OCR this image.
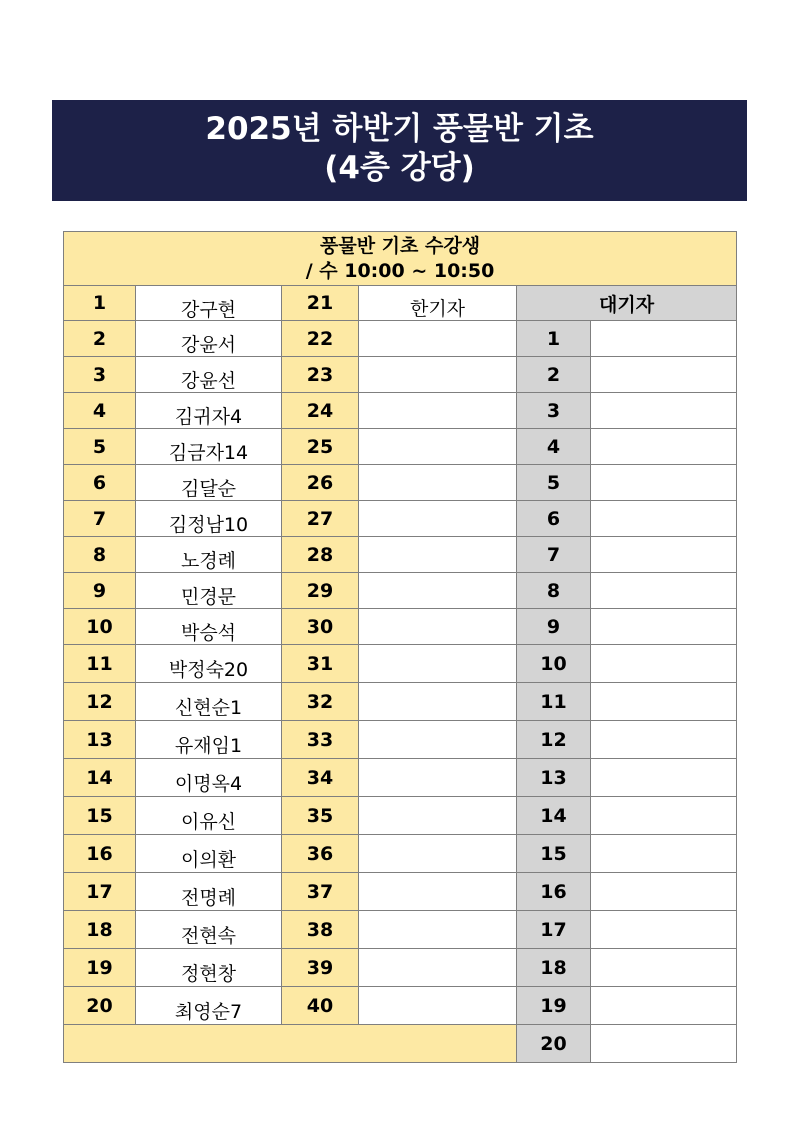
2025년 하반기 풍물반 기초
(4층 강당)
풍물반 기초 수강생
/ 수 10:00 ~ 10:50					

1	강구현	21	한기자	대기자	
2	강윤서	22		1	
3	강윤선	23		2	
4	김귀자4	24		3	
5	김금자14	25		4	
6	김달순	26		5	
7	김정남10	27		6	
8	노경례	28		7	
9	민경문	29		8	
10	박승석	30		9	
11	박정숙20	31		10	
12	신현순1	32		11	
13	유재임1	33		12	
14	이명옥4	34		13	
15	이유신	35		14	
16	이의환	36		15	
17	전명례	37		16	
18	전현속	38		17	
19	정현창	39		18	
20	최영순7	40		19	
				20	
